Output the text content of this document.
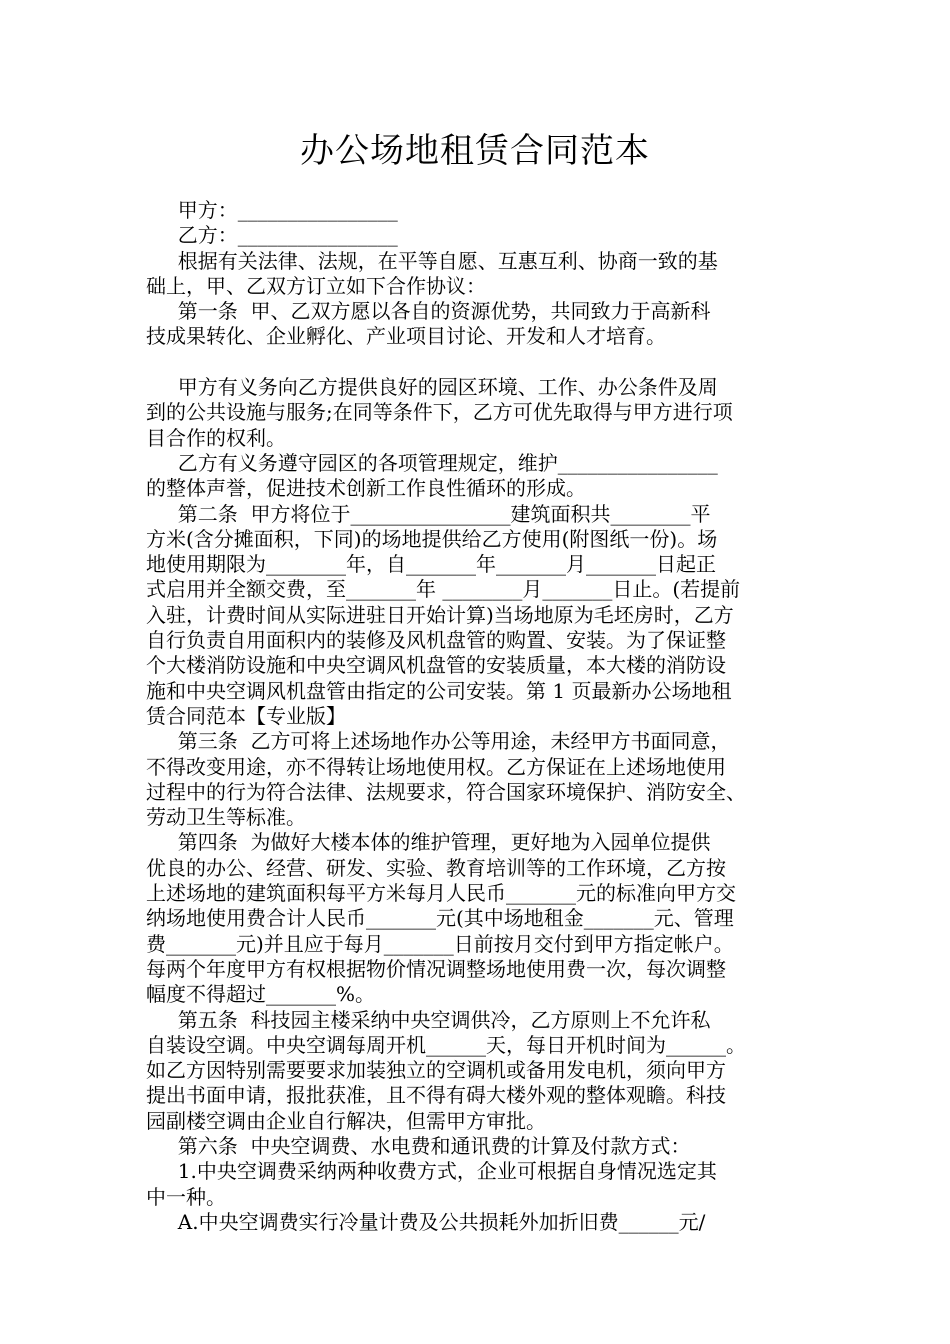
办公场地租赁合同范本
甲方：________________
乙方：________________
根据有关法律、法规，在平等自愿、互惠互利、协商一致的基
础上，甲、乙双方订立如下合作协议：
第一条  甲、乙双方愿以各自的资源优势，共同致力于高新科
技成果转化、企业孵化、产业项目讨论、开发和人才培育。
甲方有义务向乙方提供良好的园区环境、工作、办公条件及周
到的公共设施与服务;在同等条件下，乙方可优先取得与甲方进行项
目合作的权利。
乙方有义务遵守园区的各项管理规定，维护________________
的整体声誉，促进技术创新工作良性循环的形成。
第二条  甲方将位于________________建筑面积共________平
方米(含分摊面积，下同)的场地提供给乙方使用(附图纸一份)。场
地使用期限为________年，自_______年_______月_______日起正
式启用并全额交费，至_______年 ________月_______日止。(若提前
入驻，计费时间从实际进驻日开始计算)当场地原为毛坯房时，乙方
自行负责自用面积内的装修及风机盘管的购置、安装。为了保证整
个大楼消防设施和中央空调风机盘管的安装质量，本大楼的消防设
施和中央空调风机盘管由指定的公司安装。第 1 页最新办公场地租
赁合同范本【专业版】
第三条  乙方可将上述场地作办公等用途，未经甲方书面同意，
不得改变用途，亦不得转让场地使用权。乙方保证在上述场地使用
过程中的行为符合法律、法规要求，符合国家环境保护、消防安全、
劳动卫生等标准。
第四条  为做好大楼本体的维护管理，更好地为入园单位提供
优良的办公、经营、研发、实验、教育培训等的工作环境，乙方按
上述场地的建筑面积每平方米每月人民币_______元的标准向甲方交
纳场地使用费合计人民币_______元(其中场地租金_______元、管理
费_______元)并且应于每月_______日前按月交付到甲方指定帐户。
每两个年度甲方有权根据物价情况调整场地使用费一次，每次调整
幅度不得超过_______%。
第五条  科技园主楼采纳中央空调供冷，乙方原则上不允许私
自装设空调。中央空调每周开机______天，每日开机时间为______。
如乙方因特别需要要求加装独立的空调机或备用发电机，须向甲方
提出书面申请，报批获准，且不得有碍大楼外观的整体观瞻。科技
园副楼空调由企业自行解决，但需甲方审批。
第六条  中央空调费、水电费和通讯费的计算及付款方式：
1.中央空调费采纳两种收费方式，企业可根据自身情况选定其
中一种。
A.中央空调费实行冷量计费及公共损耗外加折旧费______元/
